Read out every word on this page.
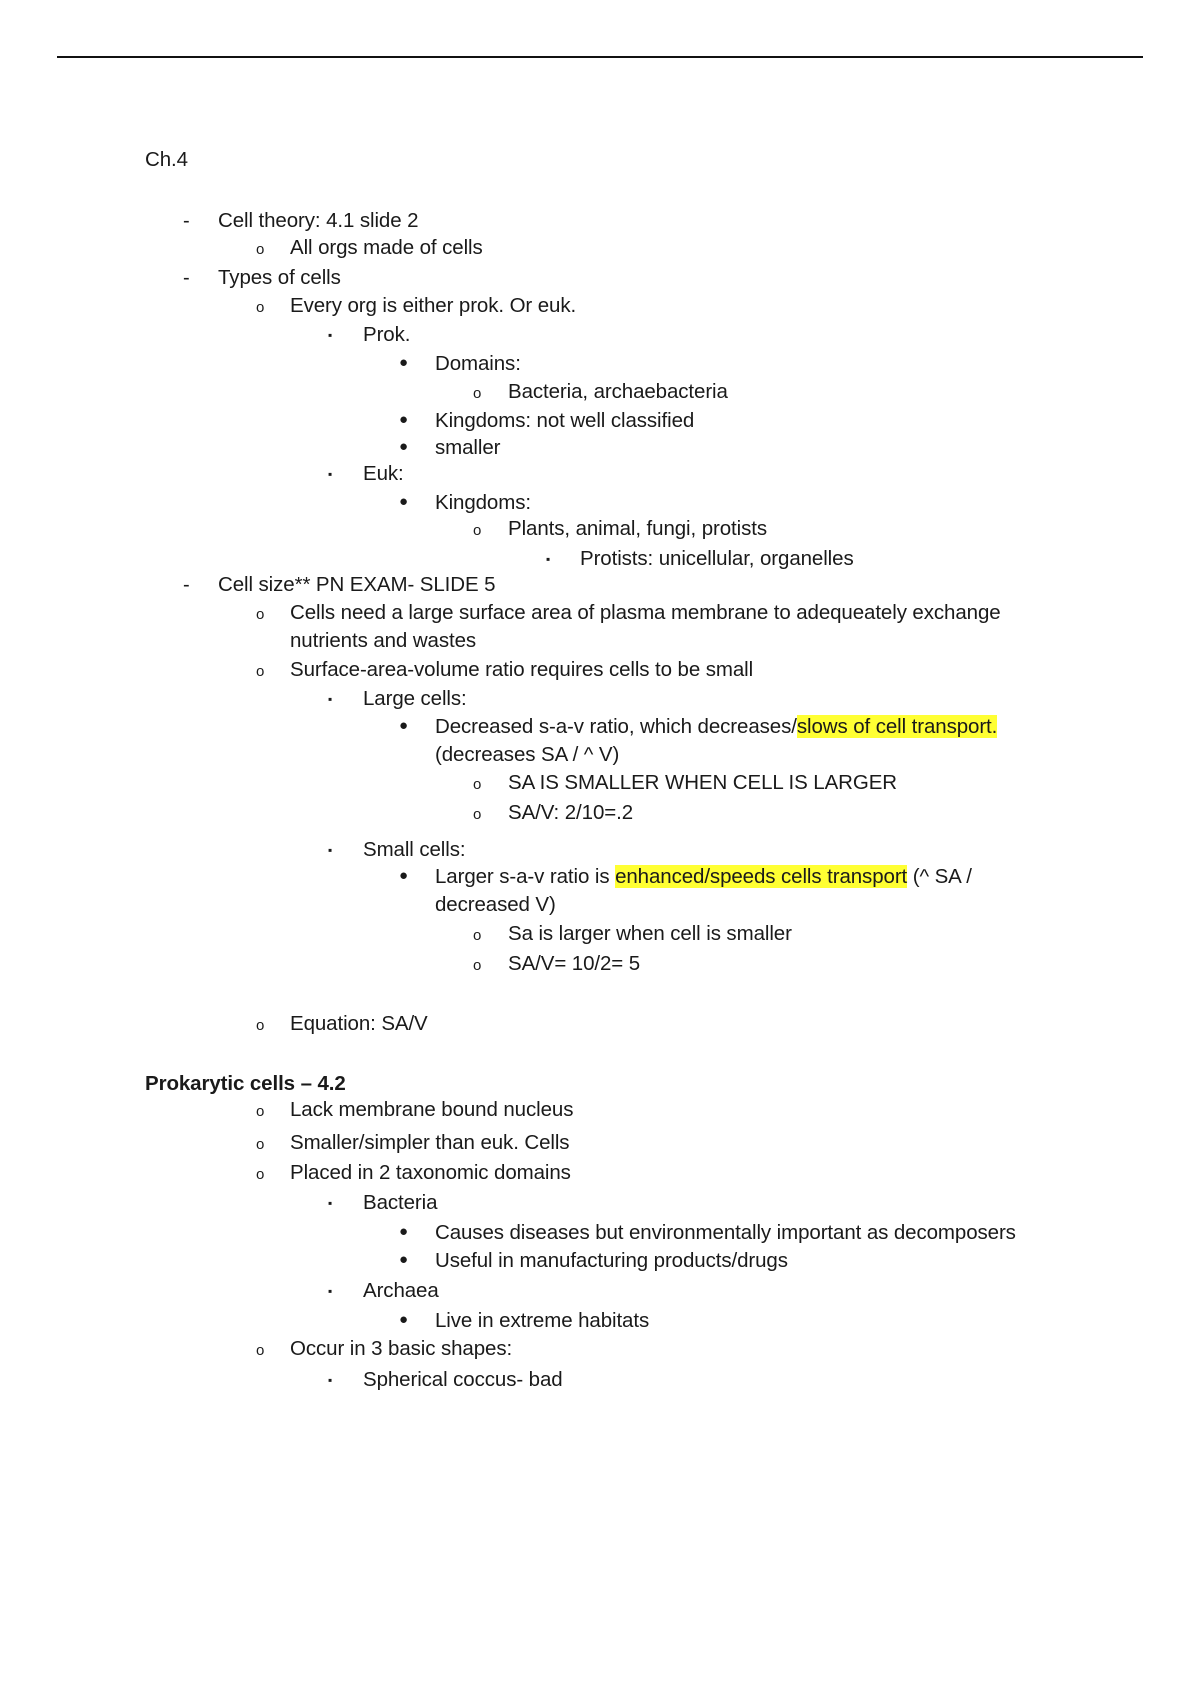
Ch.4
- Cell theory: 4.1 slide 2
o All orgs made of cells
- Types of cells
o Every org is either prok. Or euk.
▪ Prok.
● Domains:
o Bacteria, archaebacteria
● Kingdoms: not well classified
● smaller
▪ Euk:
● Kingdoms:
o Plants, animal, fungi, protists
▪ Protists: unicellular, organelles
- Cell size** PN EXAM- SLIDE 5
o Cells need a large surface area of plasma membrane to adequeately exchange
nutrients and wastes
o Surface-area-volume ratio requires cells to be small
▪ Large cells:
● Decreased s-a-v ratio, which decreases/slows of cell transport.
(decreases SA / ^ V)
o SA IS SMALLER WHEN CELL IS LARGER
o SA/V: 2/10=.2
▪ Small cells:
● Larger s-a-v ratio is enhanced/speeds cells transport (^ SA /
decreased V)
o Sa is larger when cell is smaller
o SA/V= 10/2= 5
o Equation: SA/V
Prokarytic cells – 4.2
o Lack membrane bound nucleus
o Smaller/simpler than euk. Cells
o Placed in 2 taxonomic domains
▪ Bacteria
● Causes diseases but environmentally important as decomposers
● Useful in manufacturing products/drugs
▪ Archaea
● Live in extreme habitats
o Occur in 3 basic shapes:
▪ Spherical coccus- bad
